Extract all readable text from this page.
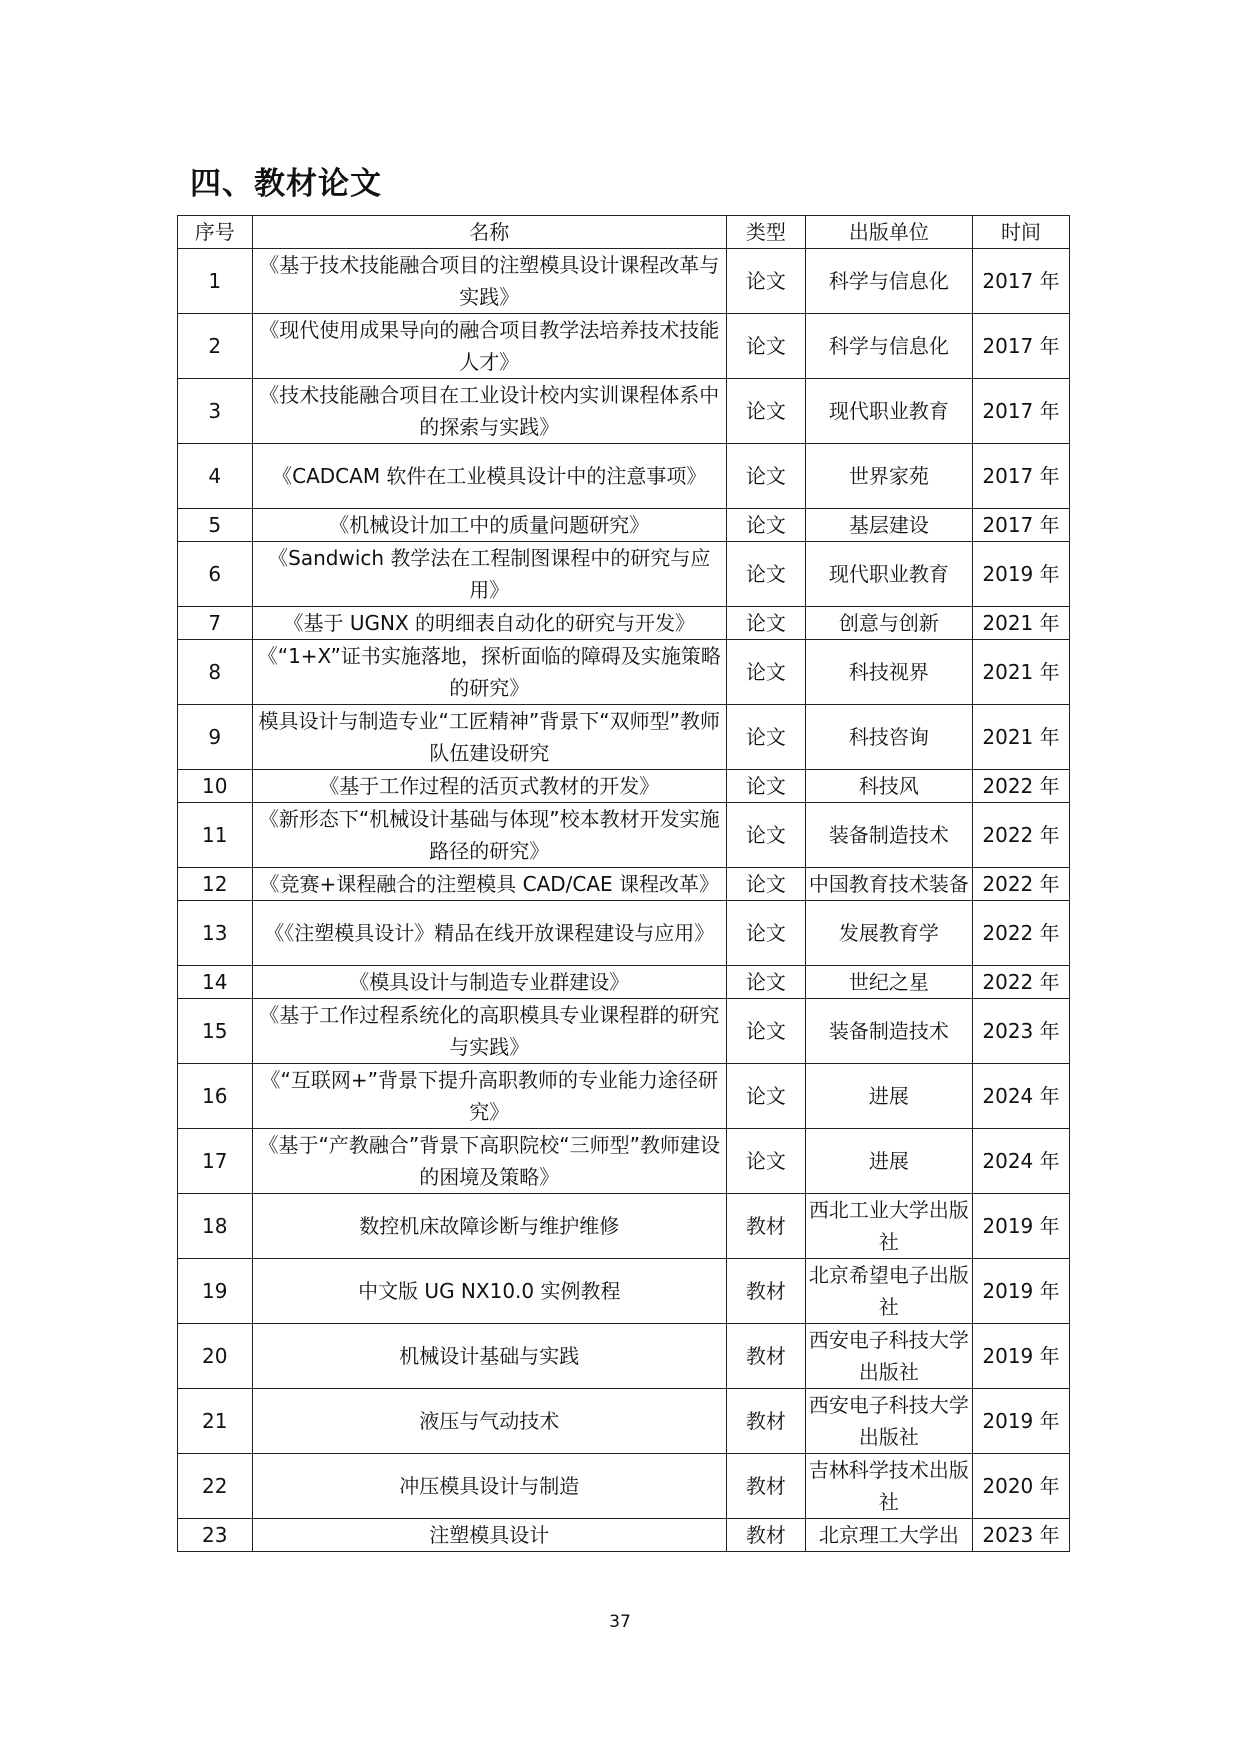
四、教材论文
序号	名称	类型	出版单位	时间
1	《基于技术技能融合项目的注塑模具设计课程改革与实践》	论文	科学与信息化	2017 年
2	《现代使用成果导向的融合项目教学法培养技术技能人才》	论文	科学与信息化	2017 年
3	《技术技能融合项目在工业设计校内实训课程体系中的探索与实践》	论文	现代职业教育	2017 年
4	《CADCAM 软件在工业模具设计中的注意事项》	论文	世界家苑	2017 年
5	《机械设计加工中的质量问题研究》	论文	基层建设	2017 年
6	《Sandwich 教学法在工程制图课程中的研究与应用》	论文	现代职业教育	2019 年
7	《基于 UGNX 的明细表自动化的研究与开发》	论文	创意与创新	2021 年
8	《“1+X”证书实施落地，探析面临的障碍及实施策略的研究》	论文	科技视界	2021 年
9	模具设计与制造专业“工匠精神”背景下“双师型”教师队伍建设研究	论文	科技咨询	2021 年
10	《基于工作过程的活页式教材的开发》	论文	科技风	2022 年
11	《新形态下“机械设计基础与体现”校本教材开发实施路径的研究》	论文	装备制造技术	2022 年
12	《竞赛+课程融合的注塑模具 CAD/CAE 课程改革》	论文	中国教育技术装备	2022 年
13	《《注塑模具设计》精品在线开放课程建设与应用》	论文	发展教育学	2022 年
14	《模具设计与制造专业群建设》	论文	世纪之星	2022 年
15	《基于工作过程系统化的高职模具专业课程群的研究与实践》	论文	装备制造技术	2023 年
16	《“互联网+”背景下提升高职教师的专业能力途径研究》	论文	进展	2024 年
17	《基于“产教融合”背景下高职院校“三师型”教师建设的困境及策略》	论文	进展	2024 年
18	数控机床故障诊断与维护维修	教材	西北工业大学出版社	2019 年
19	中文版 UG NX10.0 实例教程	教材	北京希望电子出版社	2019 年
20	机械设计基础与实践	教材	西安电子科技大学出版社	2019 年
21	液压与气动技术	教材	西安电子科技大学出版社	2019 年
22	冲压模具设计与制造	教材	吉林科学技术出版社	2020 年
23	注塑模具设计	教材	北京理工大学出	2023 年
37
